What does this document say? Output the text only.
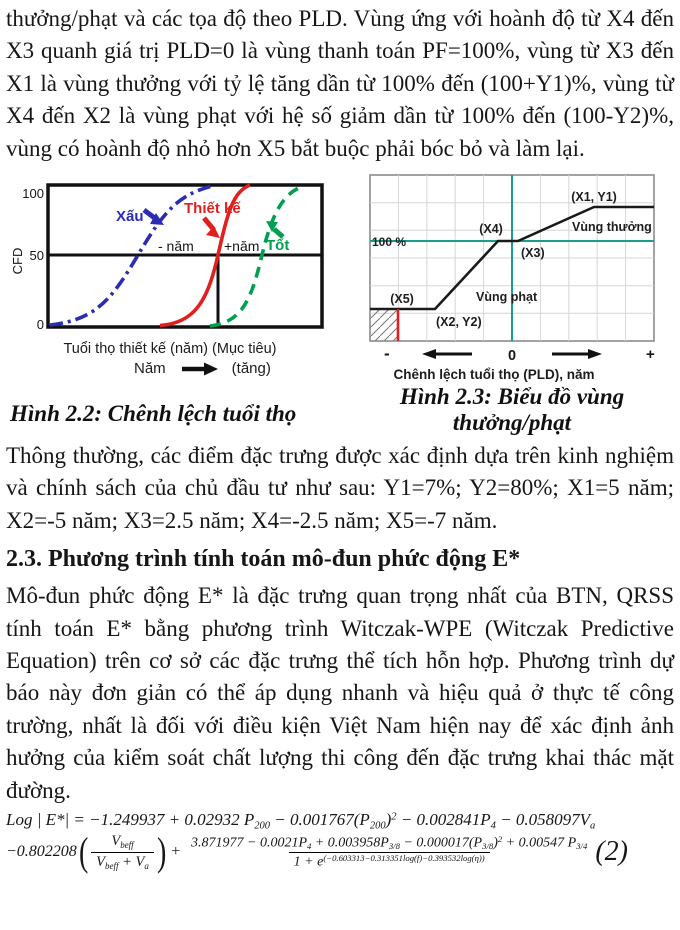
thưởng/phạt và các tọa độ theo PLD. Vùng ứng với hoành độ từ X4 đến X3 quanh giá trị PLD=0 là vùng thanh toán PF=100%, vùng từ X3 đến X1 là vùng thưởng với tỷ lệ tăng dần từ 100% đến (100+Y1)%, vùng từ X4 đến X2 là vùng phạt với hệ số giảm dần từ 100% đến (100-Y2)%, vùng có hoành độ nhỏ hơn X5 bắt buộc phải bóc bỏ và làm lại.

100
50
0
CFD
Xấu	Thiết kế
Tốt
- năm +năm
Tuổi thọ thiết kế (năm) (Mục tiêu)
Năm	(tăng)
Hình 2.2: Chênh lệch tuổi thọ
(X5)
(X2, Y2)
Vùng phạt
(X4)
(X3)
Vùng thưởng
(X1, Y1)
100 %
-	0	+
Chênh lệch tuổi thọ (PLD), năm
Hình 2.3: Biểu đồ vùng
thưởng/phạt

Thông thường, các điểm đặc trưng được xác định dựa trên kinh nghiệm và chính sách của chủ đầu tư như sau: Y1=7%; Y2=80%; X1=5 năm; X2=-5 năm; X3=2.5 năm; X4=-2.5 năm; X5=-7 năm.

2.3. Phương trình tính toán mô-đun phức động E*

Mô-đun phức động E* là đặc trưng quan trọng nhất của BTN, QRSS tính toán E* bằng phương trình Witczak-WPE (Witczak Predictive Equation) trên cơ sở các đặc trưng thể tích hỗn hợp. Phương trình dự báo này đơn giản có thể áp dụng nhanh và hiệu quả ở thực tế công trường, nhất là đối với điều kiện Việt Nam hiện nay để xác định ảnh hưởng của kiểm soát chất lượng thi công đến đặc trưng khai thác mặt đường.

Log | E*| = −1.249937 + 0.02932 $P_{200} - 0.001767(P_{200})^2 - 0.002841P_4 - 0.058097V_a$
−0.802208 ( $\frac{V_{beff}}{V_{beff} + V_a}$ ) +
$3.871977 - 0.0021P_4 + 0.003958P_{3/8} - 0.000017(P_{3/8})^2 + 0.00547$ $P_{3/4}$
$1 + e^{(-0.603313-0.313351log(f)-0.393532log(\eta))}$	(2)
